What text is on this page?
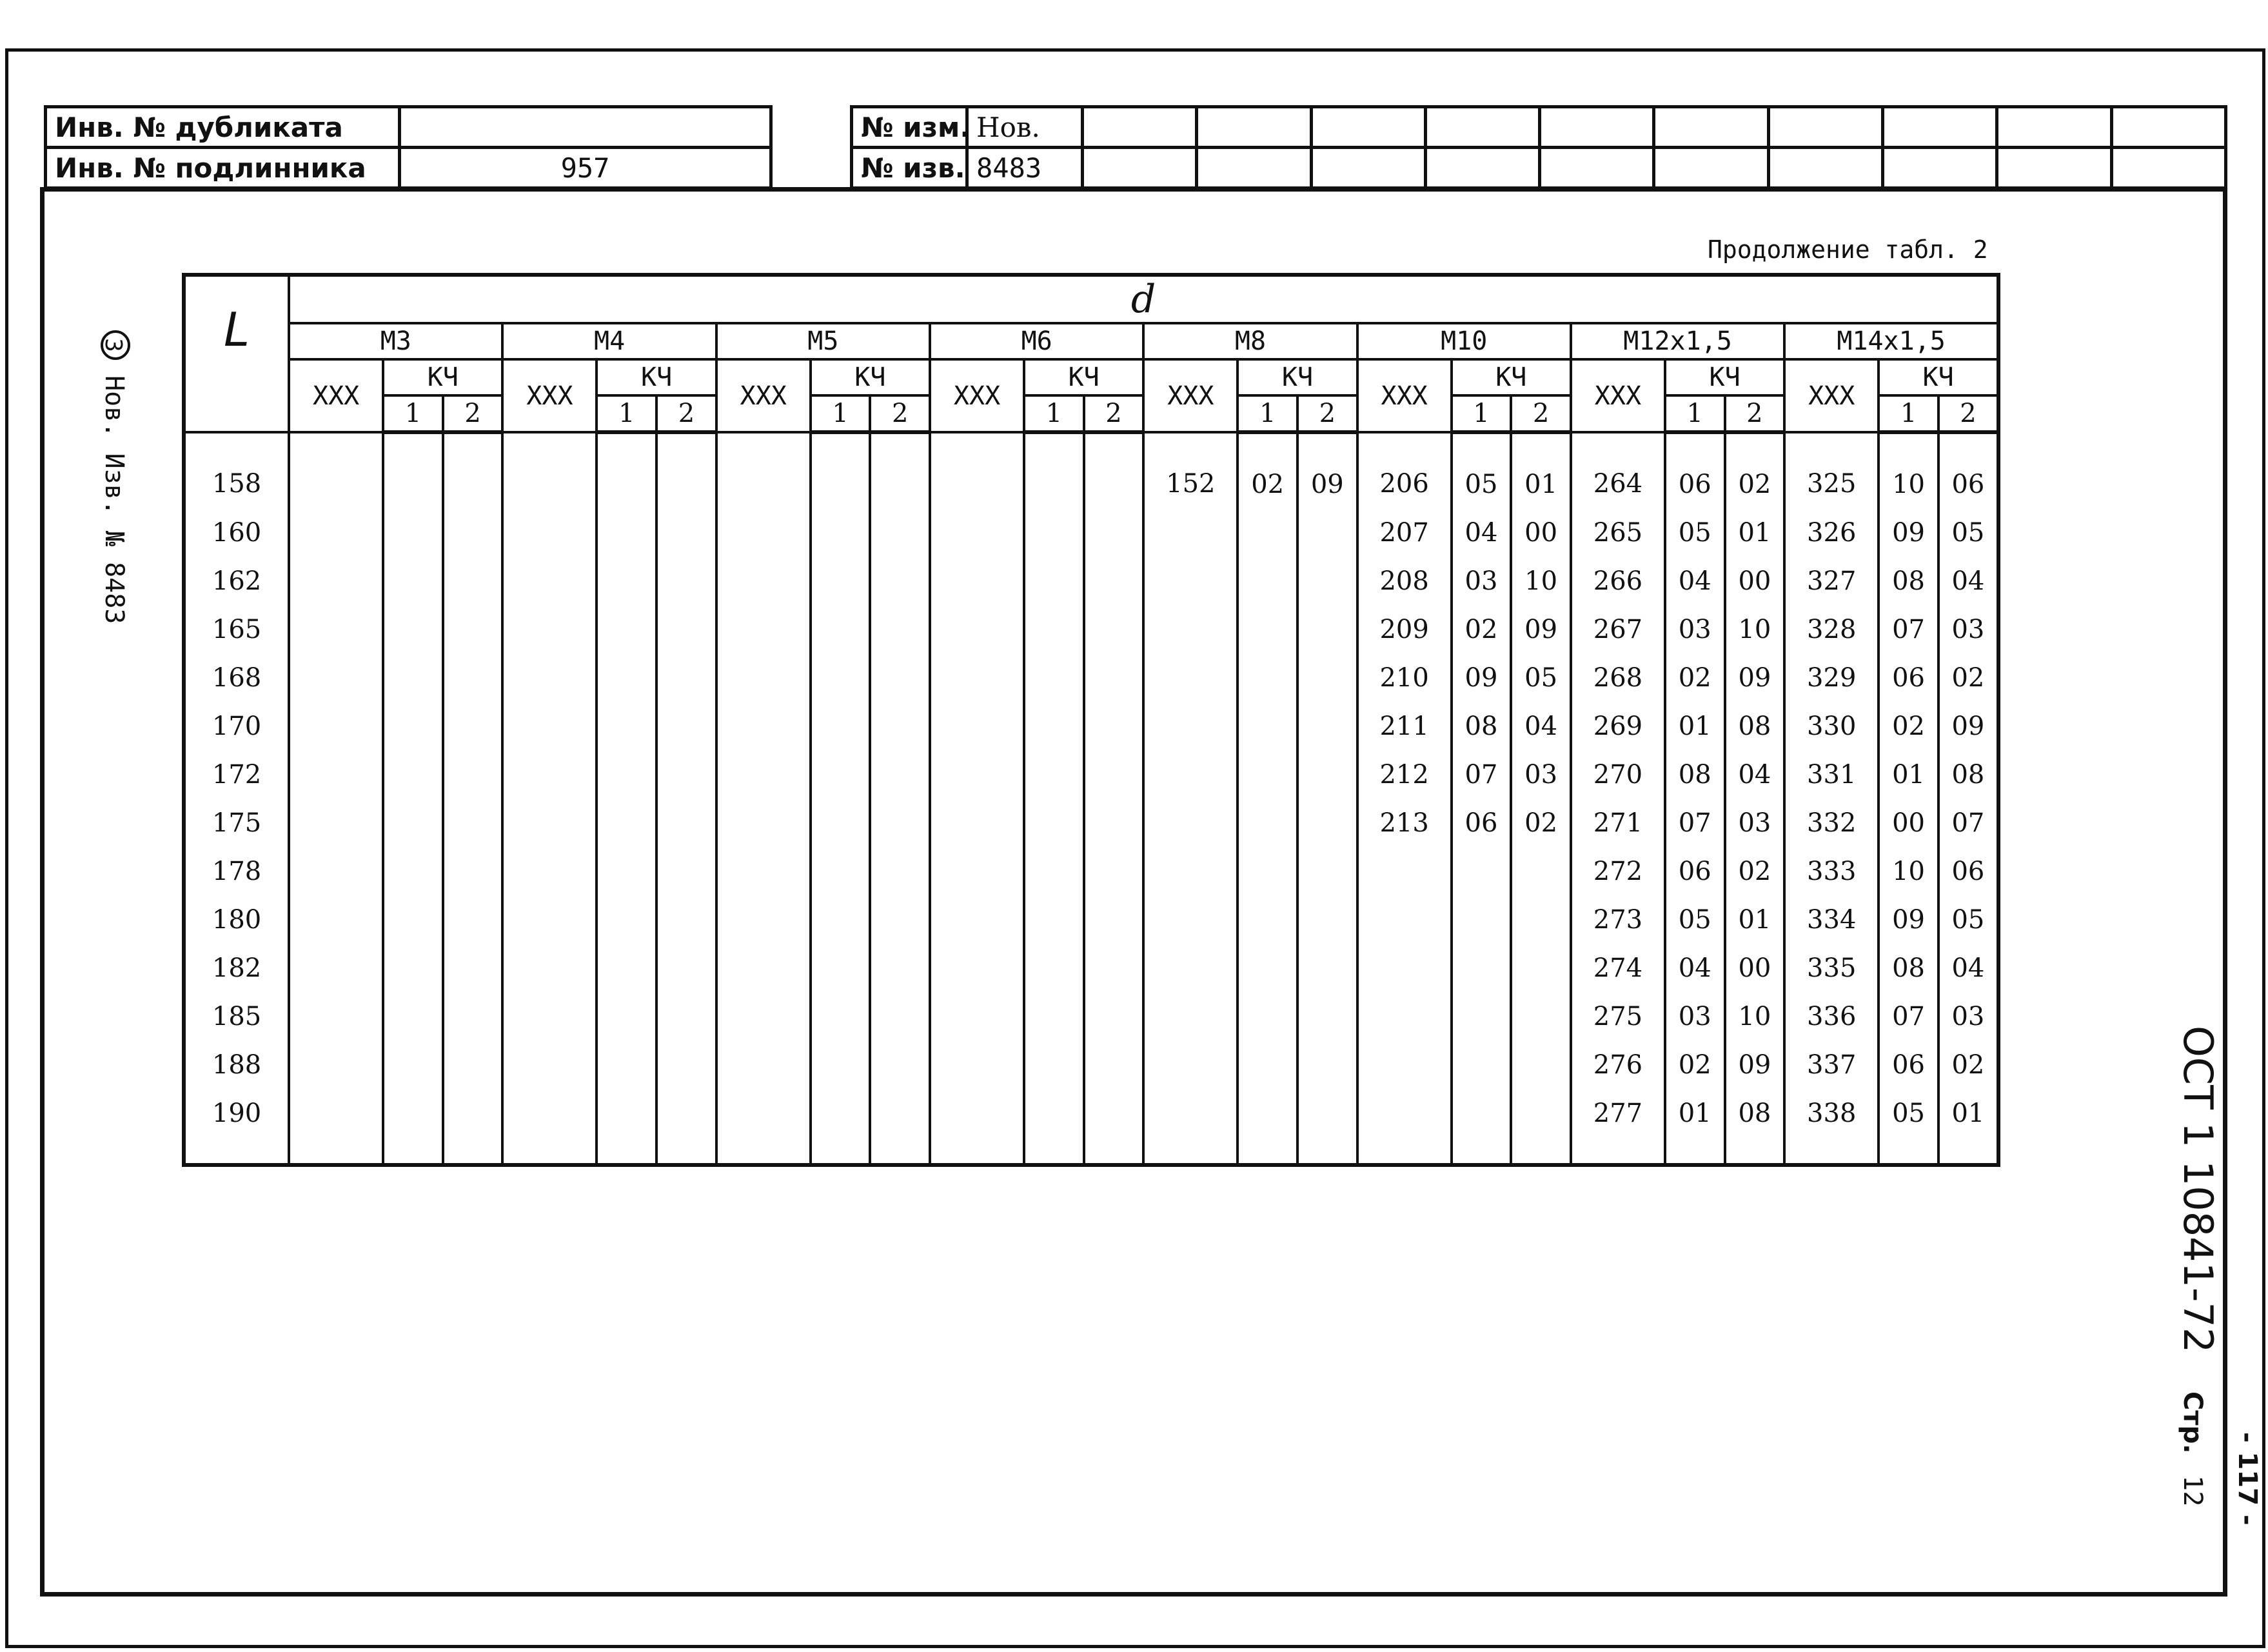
Инв. № дубликата	
Инв. № подлинника	957
№ изм.	Нов.										
№ изв.	8483										
Продолжение табл. 2
3 Нов. Изв. № 8483
L	d																							
	М3			М4			М5			М6			М8			М10			М12х1,5			М14х1,5		
	ХХХ	КЧ		ХХХ	КЧ		ХХХ	КЧ		ХХХ	КЧ		ХХХ	КЧ		ХХХ	КЧ		ХХХ	КЧ		ХХХ	КЧ	
		1	2		1	2		1	2		1	2		1	2		1	2		1	2		1	2
158													152	02	09	206	05	01	264	06	02	325	10	06
160																207	04	00	265	05	01	326	09	05
162																208	03	10	266	04	00	327	08	04
165																209	02	09	267	03	10	328	07	03
168																210	09	05	268	02	09	329	06	02
170																211	08	04	269	01	08	330	02	09
172																212	07	03	270	08	04	331	01	08
175																213	06	02	271	07	03	332	00	07
178																			272	06	02	333	10	06
180																			273	05	01	334	09	05
182																			274	04	00	335	08	04
185																			275	03	10	336	07	03
188																			276	02	09	337	06	02
190																			277	01	08	338	05	01	ОСТ 1 10841-72 Стр. 12 - 117 -
